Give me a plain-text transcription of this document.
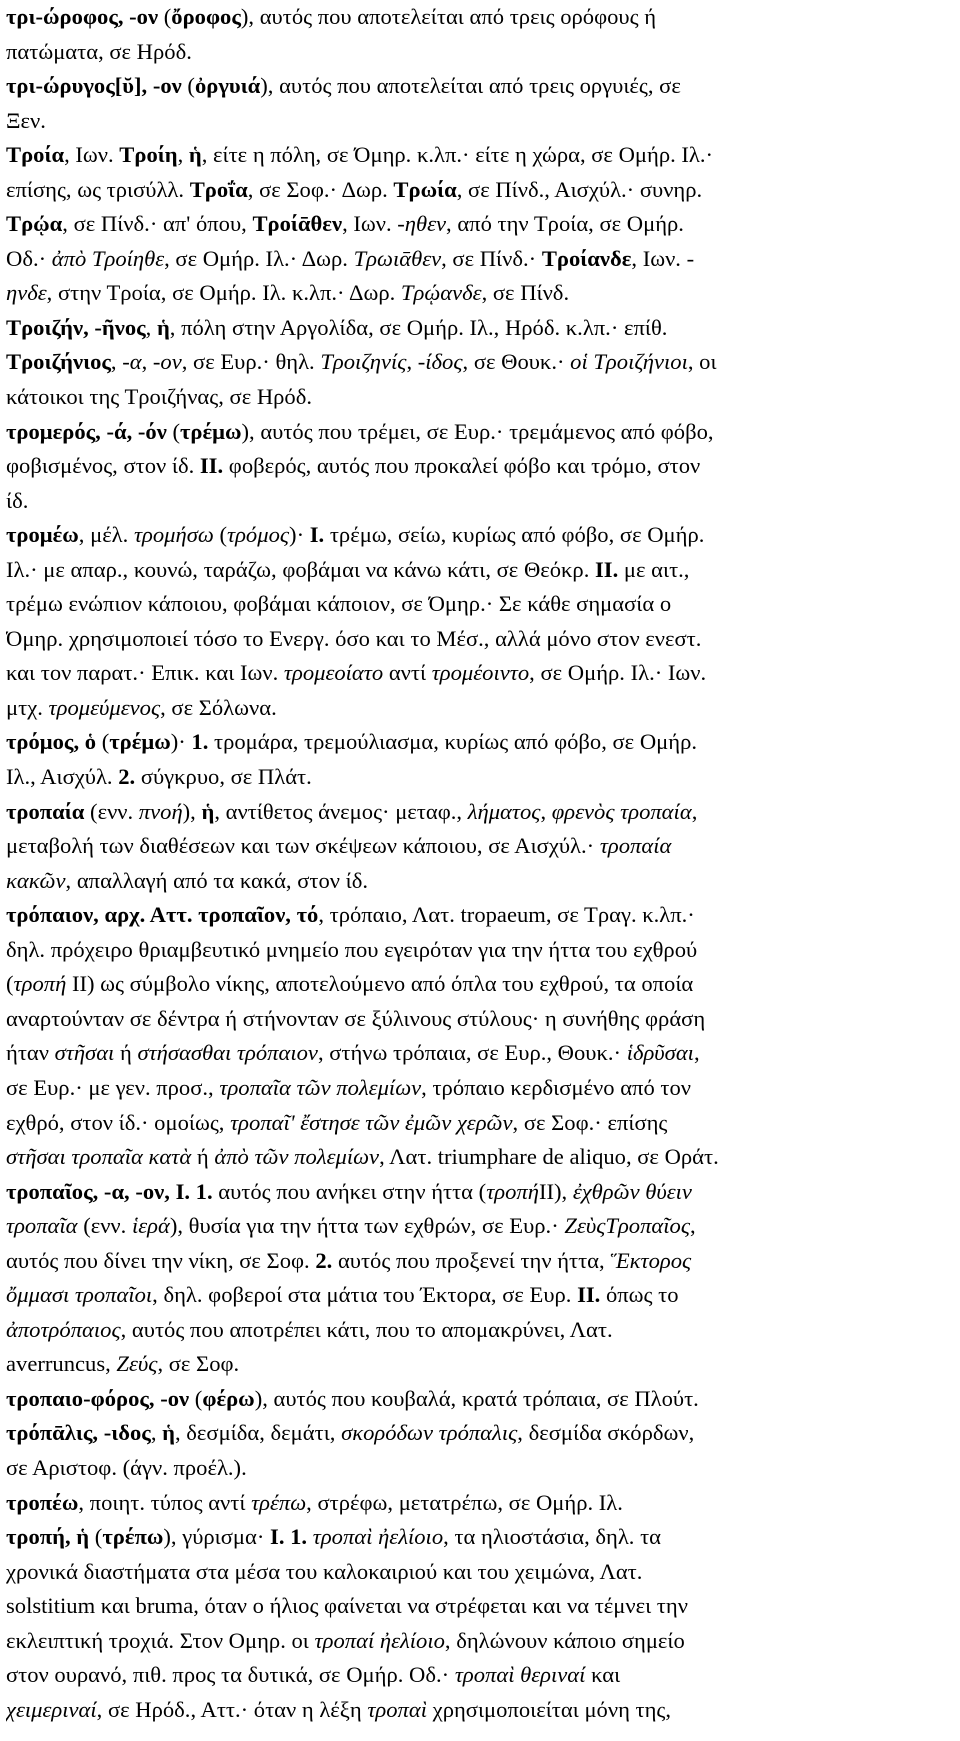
τρι-ώροφος, -ον (ὄροφος), αυτός που αποτελείται από τρεις ορόφους ή
πατώματα, σε Ηρόδ.
τρι-ώρυγος[ῠ], -ον (ὀργυιά), αυτός που αποτελείται από τρεις οργυιές, σε
Ξεν.
Τροία, Ιων. Τροίη, ἡ, είτε η πόλη, σε Όμηρ. κ.λπ.· είτε η χώρα, σε Ομήρ. Ιλ.·
επίσης, ως τρισύλλ. Τροΐα, σε Σοφ.· Δωρ. Τρωία, σε Πίνδ., Αισχύλ.· συνηρ.
Τρῴα, σε Πίνδ.· απ' όπου, Τροίᾱθεν, Ιων. -ηθεν, από την Τροία, σε Ομήρ.
Οδ.· ἀπὸ Τροίηθε, σε Ομήρ. Ιλ.· Δωρ. Τρωιᾱθεν, σε Πίνδ.· Τροίανδε, Ιων. -
ηνδε, στην Τροία, σε Ομήρ. Ιλ. κ.λπ.· Δωρ. Τρῴανδε, σε Πίνδ.
Τροιζήν, -ῆνος, ἡ, πόλη στην Αργολίδα, σε Ομήρ. Ιλ., Ηρόδ. κ.λπ.· επίθ.
Τροιζήνιος, -α, -ον, σε Ευρ.· θηλ. Τροιζηνίς, -ίδος, σε Θουκ.· οἱ Τροιζήνιοι, οι
κάτοικοι της Τροιζήνας, σε Ηρόδ.
τρομερός, -ά, -όν (τρέμω), αυτός που τρέμει, σε Ευρ.· τρεμάμενος από φόβο,
φοβισμένος, στον ίδ. ΙΙ. φοβερός, αυτός που προκαλεί φόβο και τρόμο, στον
ίδ.
τρομέω, μέλ. τρομήσω (τρόμος)· I. τρέμω, σείω, κυρίως από φόβο, σε Ομήρ.
Ιλ.· με απαρ., κουνώ, ταράζω, φοβάμαι να κάνω κάτι, σε Θεόκρ. II. με αιτ.,
τρέμω ενώπιον κάποιου, φοβάμαι κάποιον, σε Όμηρ.· Σε κάθε σημασία ο
Όμηρ. χρησιμοποιεί τόσο το Ενεργ. όσο και το Μέσ., αλλά μόνο στον ενεστ.
και τον παρατ.· Επικ. και Ιων. τρομεοίατο αντί τρομέοιντο, σε Ομήρ. Ιλ.· Ιων.
μτχ. τρομεύμενος, σε Σόλωνα.
τρόμος, ὁ (τρέμω)· 1. τρομάρα, τρεμούλιασμα, κυρίως από φόβο, σε Ομήρ.
Ιλ., Αισχύλ. 2. σύγκρυο, σε Πλάτ.
τροπαία (ενν. πνοή), ἡ, αντίθετος άνεμος· μεταφ., λήματος, φρενὸς τροπαία,
μεταβολή των διαθέσεων και των σκέψεων κάποιου, σε Αισχύλ.· τροπαία
κακῶν, απαλλαγή από τα κακά, στον ίδ.
τρόπαιον, αρχ. Αττ. τροπαῖον, τό, τρόπαιο, Λατ. tropaeum, σε Τραγ. κ.λπ.·
δηλ. πρόχειρο θριαμβευτικό μνημείο που εγειρόταν για την ήττα του εχθρού
(τροπή ΙΙ) ως σύμβολο νίκης, αποτελούμενο από όπλα του εχθρού, τα οποία
αναρτούνταν σε δέντρα ή στήνονταν σε ξύλινους στύλους· η συνήθης φράση
ήταν στῆσαι ή στήσασθαι τρόπαιον, στήνω τρόπαια, σε Ευρ., Θουκ.· ἱδρῦσαι,
σε Ευρ.· με γεν. προσ., τροπαῖα τῶν πολεμίων, τρόπαιο κερδισμένο από τον
εχθρό, στον ίδ.· ομοίως, τροπαῖ' ἔστησε τῶν ἐμῶν χερῶν, σε Σοφ.· επίσης
στῆσαι τροπαῖα κατὰ ή ἀπὸ τῶν πολεμίων, Λατ. triumphare de aliquo, σε Οράτ.
τροπαῖος, -α, -ον, I. 1. αυτός που ανήκει στην ήττα (τροπήΙΙ), ἐχθρῶν θύειν
τροπαῖα (ενν. ἱερά), θυσία για την ήττα των εχθρών, σε Ευρ.· ΖεὺςΤροπαῖος,
αυτός που δίνει την νίκη, σε Σοφ. 2. αυτός που προξενεί την ήττα, Ἕκτορος
ὄμμασι τροπαῖοι, δηλ. φοβεροί στα μάτια του Έκτορα, σε Ευρ. II. όπως το
ἀποτρόπαιος, αυτός που αποτρέπει κάτι, που το απομακρύνει, Λατ.
averruncus, Ζεύς, σε Σοφ.
τροπαιο-φόρος, -ον (φέρω), αυτός που κουβαλά, κρατά τρόπαια, σε Πλούτ.
τρόπᾱλις, -ιδος, ἡ, δεσμίδα, δεμάτι, σκορόδων τρόπαλις, δεσμίδα σκόρδων,
σε Αριστοφ. (άγν. προέλ.).
τροπέω, ποιητ. τύπος αντί τρέπω, στρέφω, μετατρέπω, σε Ομήρ. Ιλ.
τροπή, ἡ (τρέπω), γύρισμα· I. 1. τροπαὶ ἠελίοιο, τα ηλιοστάσια, δηλ. τα
χρονικά διαστήματα στα μέσα του καλοκαιριού και του χειμώνα, Λατ.
solstitium και bruma, όταν ο ήλιος φαίνεται να στρέφεται και να τέμνει την
εκλειπτική τροχιά. Στον Ομηρ. οι τροπαί ἠελίοιο, δηλώνουν κάποιο σημείο
στον ουρανό, πιθ. προς τα δυτικά, σε Ομήρ. Οδ.· τροπαὶ θεριναί και
χειμεριναί, σε Ηρόδ., Αττ.· όταν η λέξη τροπαὶ χρησιμοποιείται μόνη της,
